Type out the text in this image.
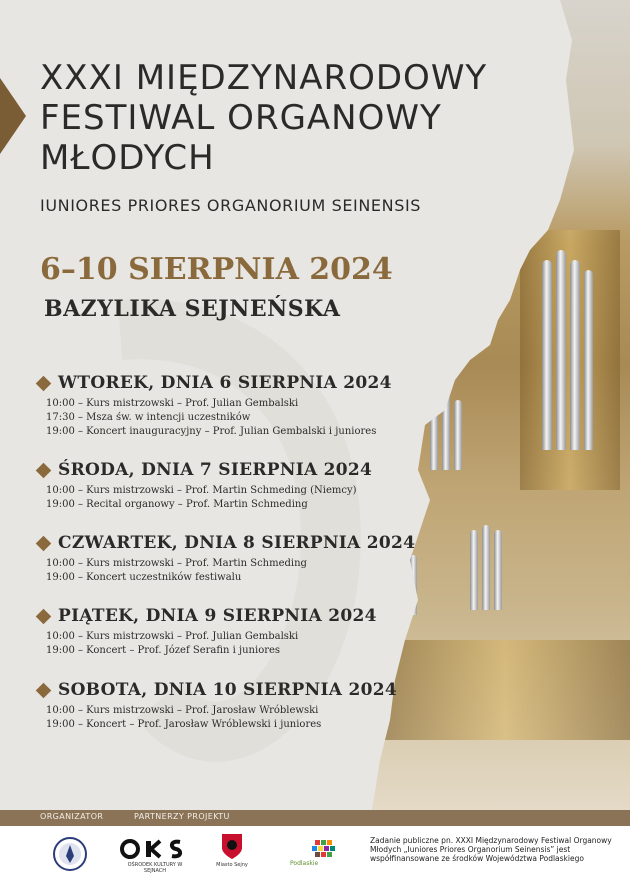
XXXI MIĘDZYNARODOWY
FESTIWAL ORGANOWY
MŁODYCH
IUNIORES PRIORES ORGANORIUM SEINENSIS
6–10 SIERPNIA 2024
BAZYLIKA SEJNEŃSKA
WTOREK, DNIA 6 SIERPNIA 2024
10:00 – Kurs mistrzowski – Prof. Julian Gembalski
17:30 – Msza św. w intencji uczestników
19:00 – Koncert inauguracyjny – Prof. Julian Gembalski i juniores
ŚRODA, DNIA 7 SIERPNIA 2024
10:00 – Kurs mistrzowski – Prof. Martin Schmeding (Niemcy)
19:00 – Recital organowy – Prof. Martin Schmeding
CZWARTEK, DNIA 8 SIERPNIA 2024
10:00 – Kurs mistrzowski – Prof. Martin Schmeding
19:00 – Koncert uczestników festiwalu
PIĄTEK, DNIA 9 SIERPNIA 2024
10:00 – Kurs mistrzowski – Prof. Julian Gembalski
19:00 – Koncert – Prof. Józef Serafin i juniores
SOBOTA, DNIA 10 SIERPNIA 2024
10:00 – Kurs mistrzowski – Prof. Jarosław Wróblewski
19:00 – Koncert – Prof. Jarosław Wróblewski i juniores
ORGANIZATOR	PARTNERZY PROJEKTU
OŚRODEK KULTURY W SEJNACH
Miasto Sejny	Podlaskie
Zadanie publiczne pn. XXXI Międzynarodowy Festiwal Organowy Młodych „Iuniores Priores Organorium Seinensis” jest współfinansowane ze środków Województwa Podlaskiego
